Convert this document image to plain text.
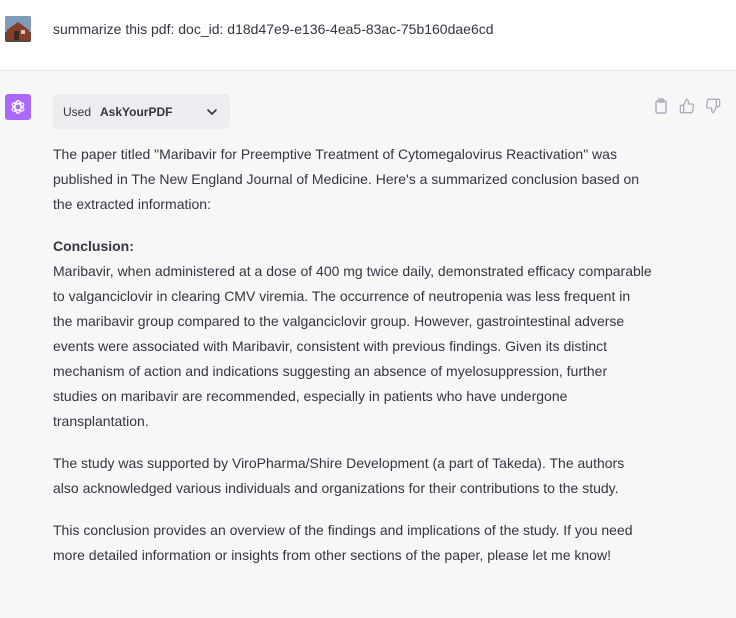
summarize this pdf: doc_id: d18d47e9-e136-4ea5-83ac-75b160dae6cd
Used AskYourPDF

The paper titled "Maribavir for Preemptive Treatment of Cytomegalovirus Reactivation" was published in The New England Journal of Medicine. Here's a summarized conclusion based on the extracted information:

Conclusion:
Maribavir, when administered at a dose of 400 mg twice daily, demonstrated efficacy comparable to valganciclovir in clearing CMV viremia. The occurrence of neutropenia was less frequent in the maribavir group compared to the valganciclovir group. However, gastrointestinal adverse events were associated with Maribavir, consistent with previous findings. Given its distinct mechanism of action and indications suggesting an absence of myelosuppression, further studies on maribavir are recommended, especially in patients who have undergone transplantation.

The study was supported by ViroPharma/Shire Development (a part of Takeda). The authors also acknowledged various individuals and organizations for their contributions to the study.

This conclusion provides an overview of the findings and implications of the study. If you need more detailed information or insights from other sections of the paper, please let me know!
